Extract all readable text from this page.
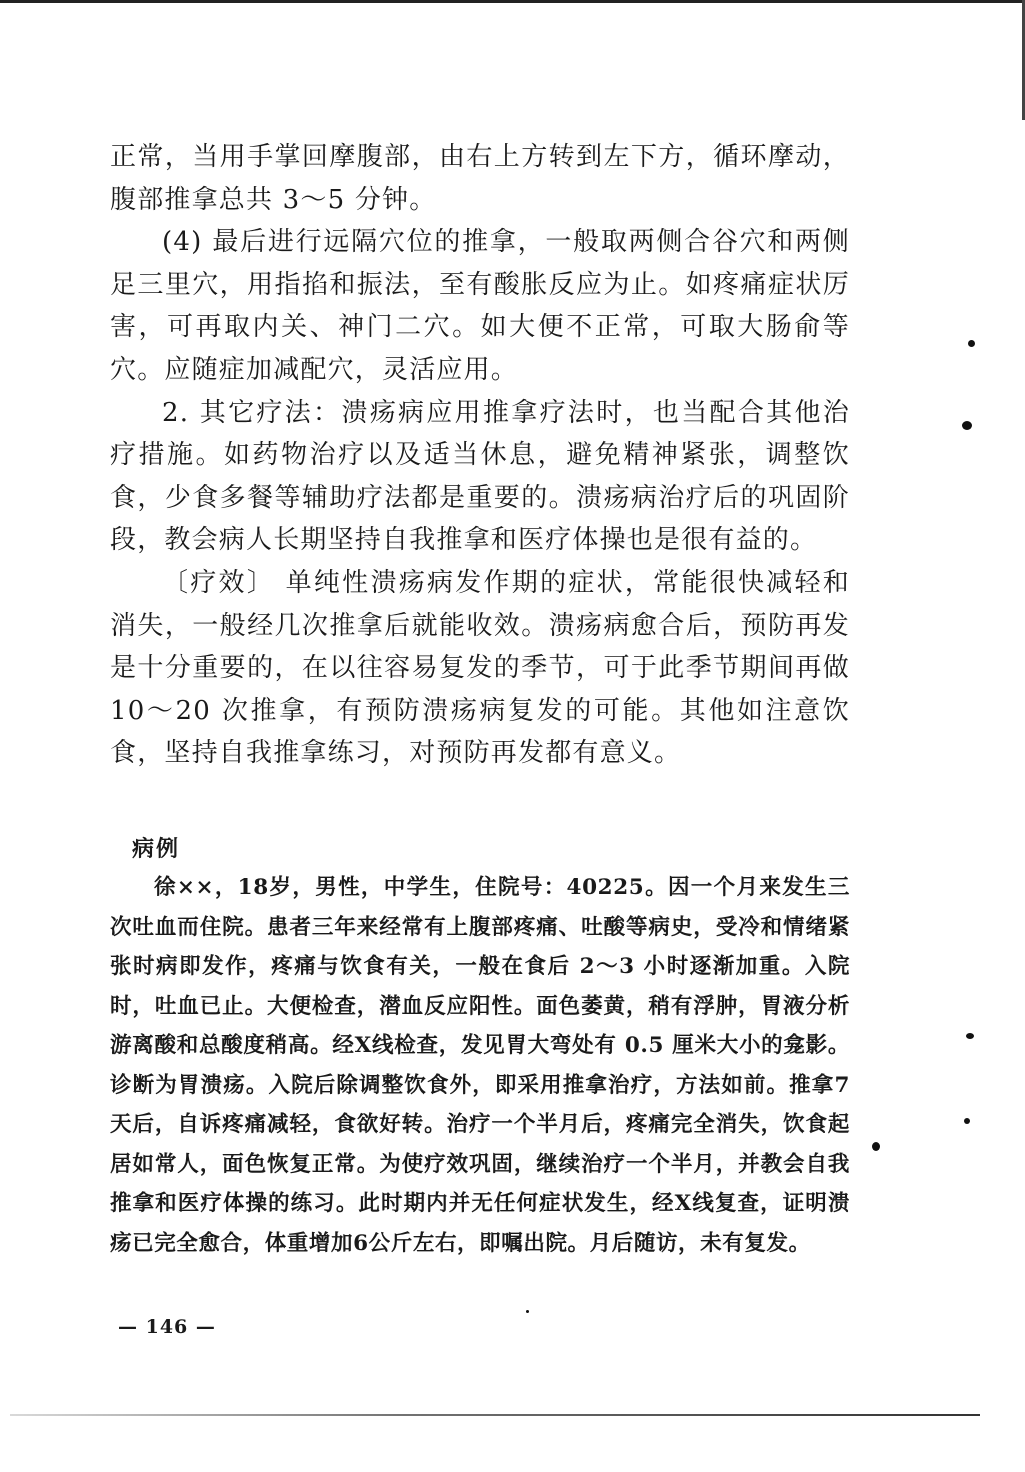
正常，当用手掌回摩腹部，由右上方转到左下方，循环摩动，腹部推拿总共 3～5 分钟。

(4) 最后进行远隔穴位的推拿，一般取两侧合谷穴和两侧足三里穴，用指掐和振法，至有酸胀反应为止。如疼痛症状厉害，可再取内关、神门二穴。如大便不正常，可取大肠俞等穴。应随症加减配穴，灵活应用。

2. 其它疗法：溃疡病应用推拿疗法时，也当配合其他治疗措施。如药物治疗以及适当休息，避免精神紧张，调整饮食，少食多餐等辅助疗法都是重要的。溃疡病治疗后的巩固阶段，教会病人长期坚持自我推拿和医疗体操也是很有益的。

〔疗效〕 单纯性溃疡病发作期的症状，常能很快减轻和消失，一般经几次推拿后就能收效。溃疡病愈合后，预防再发是十分重要的，在以往容易复发的季节，可于此季节期间再做 10～20 次推拿，有预防溃疡病复发的可能。其他如注意饮食，坚持自我推拿练习，对预防再发都有意义。

病例

徐××，18岁，男性，中学生，住院号：40225。因一个月来发生三次吐血而住院。患者三年来经常有上腹部疼痛、吐酸等病史，受冷和情绪紧张时病即发作，疼痛与饮食有关，一般在食后 2～3 小时逐渐加重。入院时，吐血已止。大便检查，潜血反应阳性。面色萎黄，稍有浮肿，胃液分析游离酸和总酸度稍高。经X线检查，发见胃大弯处有 0.5 厘米大小的龛影。诊断为胃溃疡。入院后除调整饮食外，即采用推拿治疗，方法如前。推拿7天后，自诉疼痛减轻，食欲好转。治疗一个半月后，疼痛完全消失，饮食起居如常人，面色恢复正常。为使疗效巩固，继续治疗一个半月，并教会自我推拿和医疗体操的练习。此时期内并无任何症状发生，经X线复查，证明溃疡已完全愈合，体重增加6公斤左右，即嘱出院。月后随访，未有复发。

— 146 —
